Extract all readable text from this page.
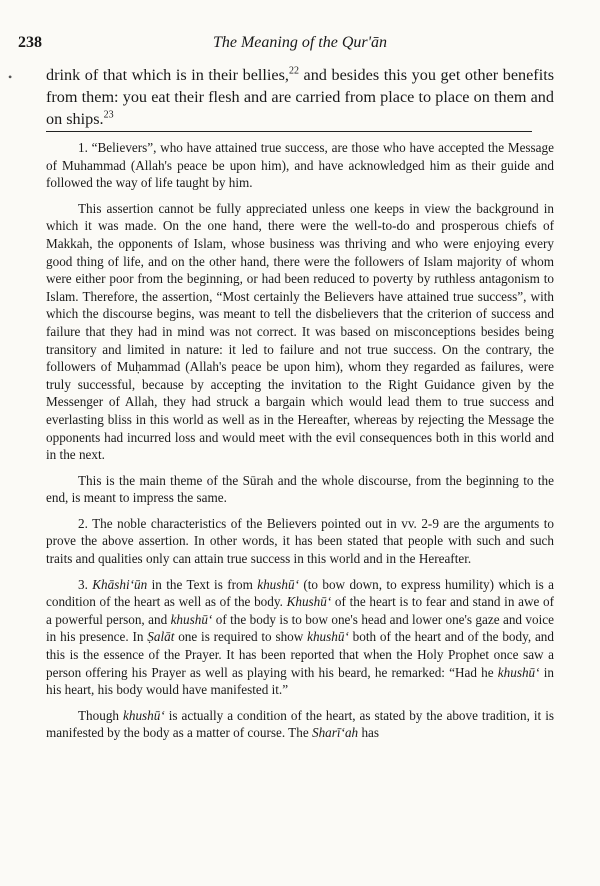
The Meaning of the Qur'ān
238
• drink of that which is in their bellies,$^{22}$ and besides this you get other benefits from them: you eat their flesh and are carried from place to place on them and on ships.$^{23}$

1. “Believers”, who have attained true success, are those who have accepted the Message of Muhammad (Allah's peace be upon him), and have acknowledged him as their guide and followed the way of life taught by him.

This assertion cannot be fully appreciated unless one keeps in view the background in which it was made. On the one hand, there were the well-to-do and prosperous chiefs of Makkah, the opponents of Islam, whose business was thriving and who were enjoying every good thing of life, and on the other hand, there were the followers of Islam majority of whom were either poor from the beginning, or had been reduced to poverty by ruthless antagonism to Islam. Therefore, the assertion, “Most certainly the Believers have attained true success”, with which the discourse begins, was meant to tell the disbelievers that the criterion of success and failure that they had in mind was not correct. It was based on misconceptions besides being transitory and limited in nature: it led to failure and not true success. On the contrary, the followers of Muḥammad (Allah's peace be upon him), whom they regarded as failures, were truly successful, because by accepting the invitation to the Right Guidance given by the Messenger of Allah, they had struck a bargain which would lead them to true success and everlasting bliss in this world as well as in the Hereafter, whereas by rejecting the Message the opponents had incurred loss and would meet with the evil consequences both in this world and in the next.

This is the main theme of the Sūrah and the whole discourse, from the beginning to the end, is meant to impress the same.

2. The noble characteristics of the Believers pointed out in vv. 2-9 are the arguments to prove the above assertion. In other words, it has been stated that people with such and such traits and qualities only can attain true success in this world and in the Hereafter.

3. Khāshi‘ūn in the Text is from khushū‘ (to bow down, to express humility) which is a condition of the heart as well as of the body. Khushū‘ of the heart is to fear and stand in awe of a powerful person, and khushū‘ of the body is to bow one's head and lower one's gaze and voice in his presence. In Ṣalāt one is required to show khushū‘ both of the heart and of the body, and this is the essence of the Prayer. It has been reported that when the Holy Prophet once saw a person offering his Prayer as well as playing with his beard, he remarked: “Had he khushū‘ in his heart, his body would have manifested it.”

Though khushū‘ is actually a condition of the heart, as stated by the above tradition, it is manifested by the body as a matter of course. The Sharī‘ah has
